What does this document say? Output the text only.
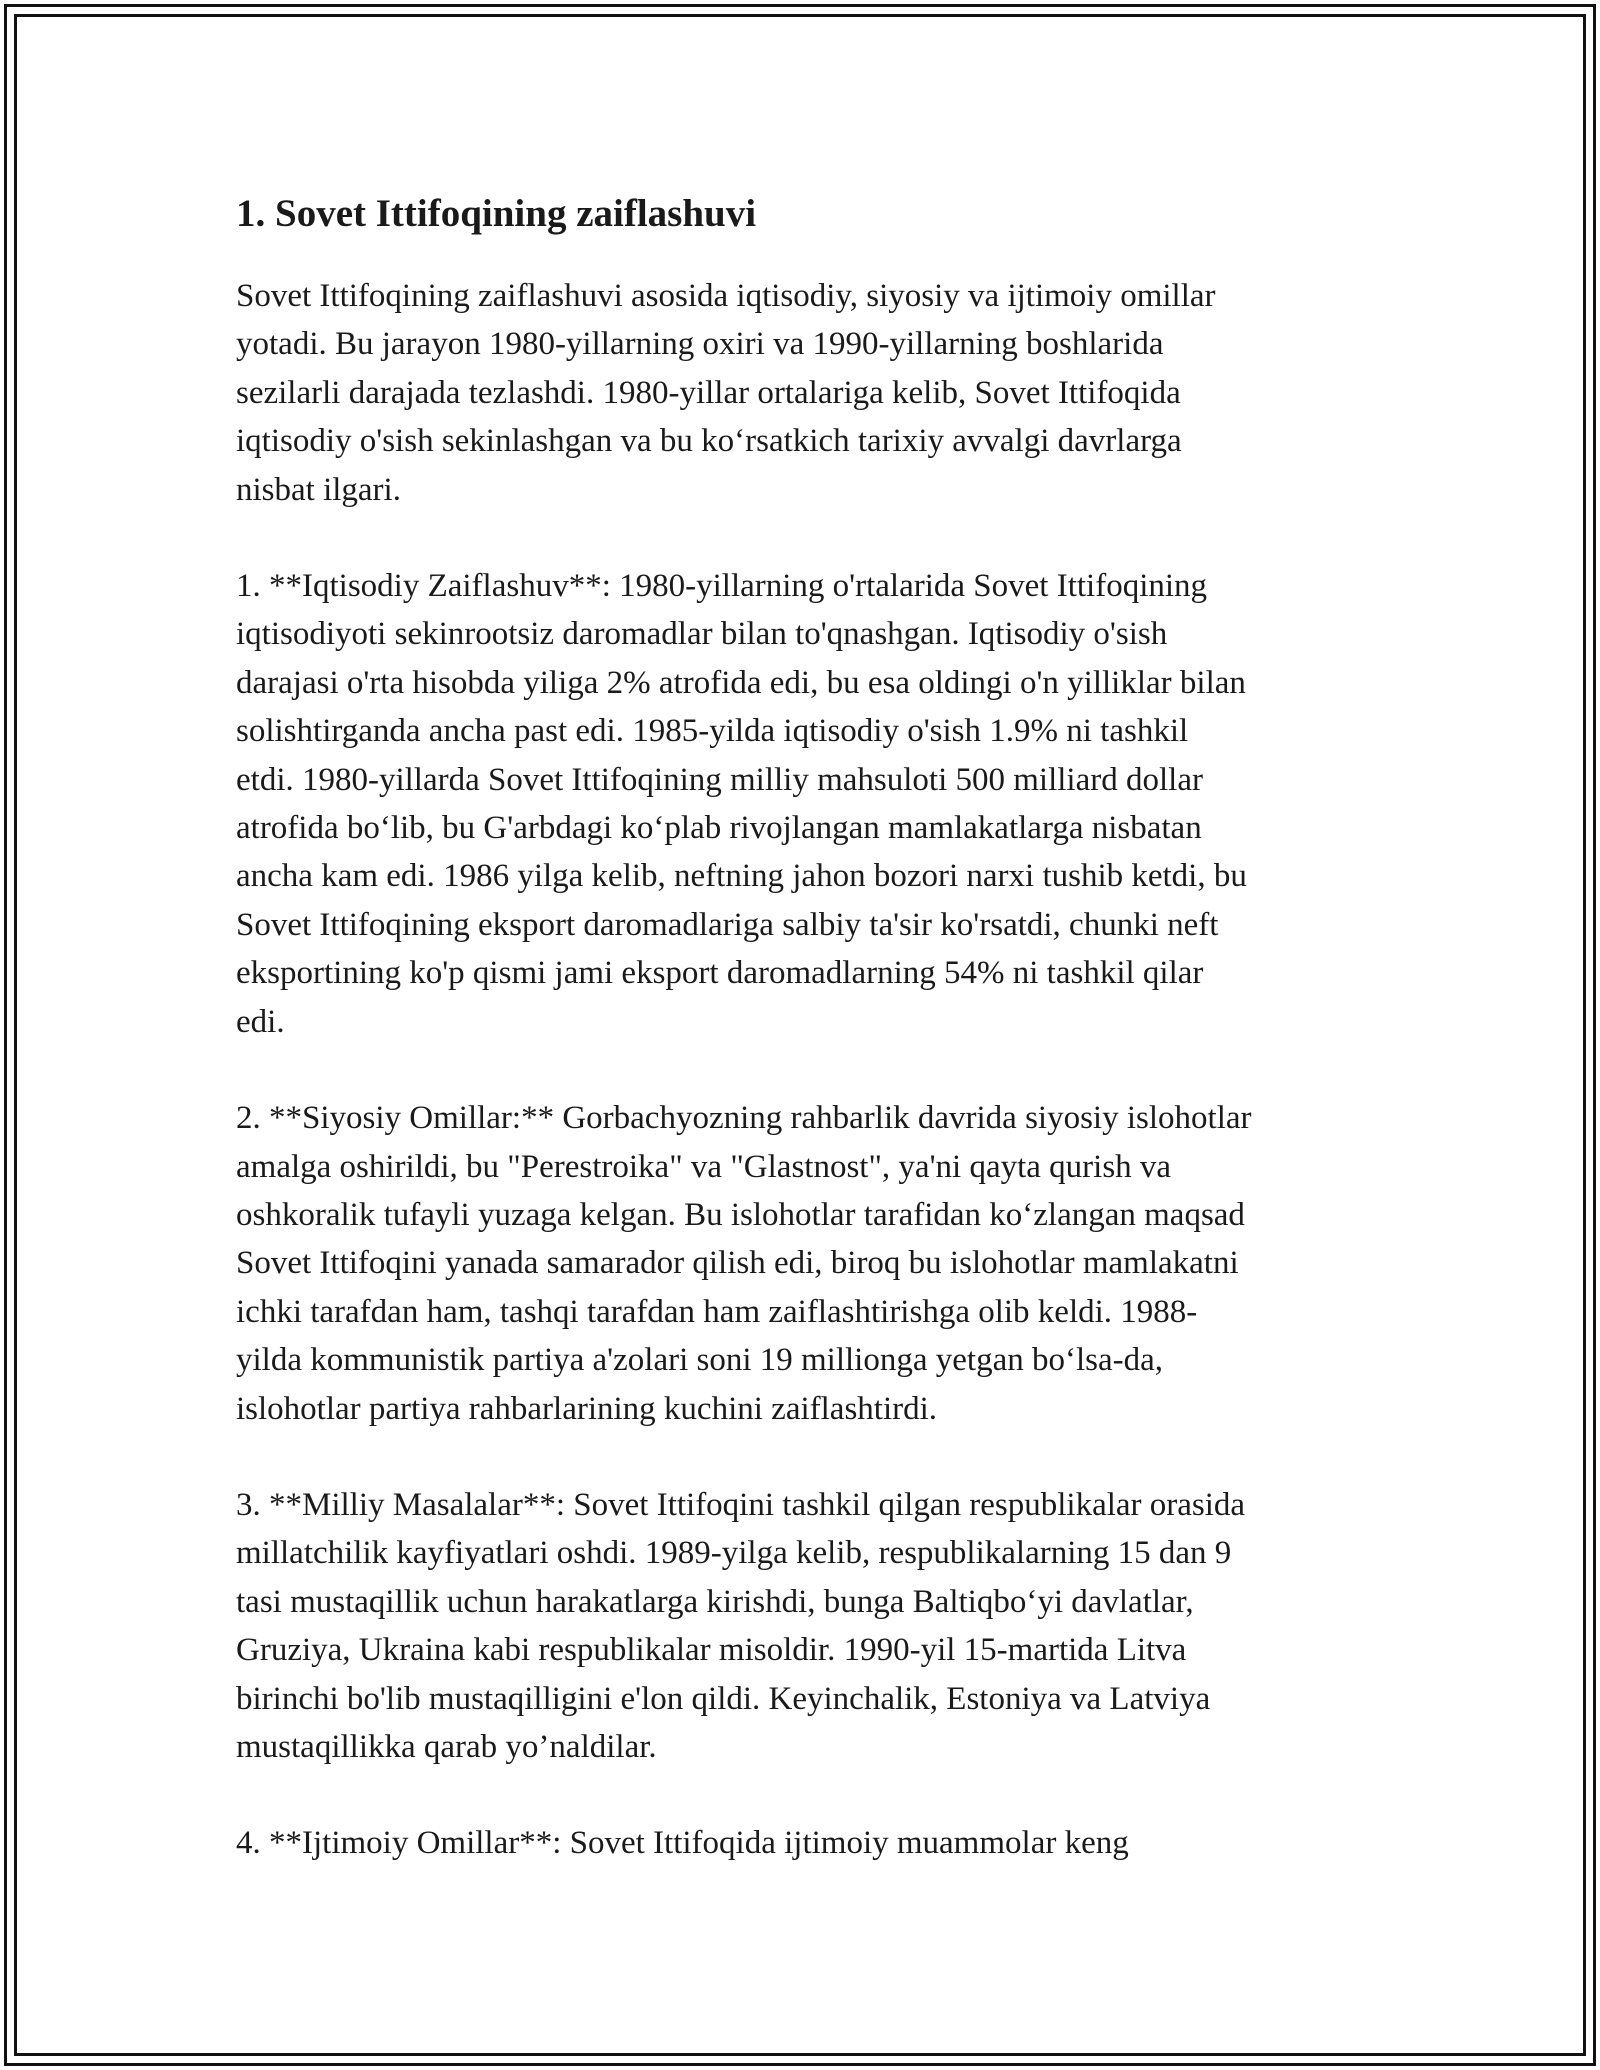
1. Sovet Ittifoqining zaiflashuvi

Sovet Ittifoqining zaiflashuvi asosida iqtisodiy, siyosiy va ijtimoiy omillar
yotadi. Bu jarayon 1980-yillarning oxiri va 1990-yillarning boshlarida
sezilarli darajada tezlashdi. 1980-yillar ortalariga kelib, Sovet Ittifoqida
iqtisodiy o'sish sekinlashgan va bu koʻrsatkich tarixiy avvalgi davrlarga
nisbat ilgari.

1. **Iqtisodiy Zaiflashuv**: 1980-yillarning o'rtalarida Sovet Ittifoqining
iqtisodiyoti sekinrootsiz daromadlar bilan to'qnashgan. Iqtisodiy o'sish
darajasi o'rta hisobda yiliga 2% atrofida edi, bu esa oldingi o'n yilliklar bilan
solishtirganda ancha past edi. 1985-yilda iqtisodiy o'sish 1.9% ni tashkil
etdi. 1980-yillarda Sovet Ittifoqining milliy mahsuloti 500 milliard dollar
atrofida boʻlib, bu G'arbdagi koʻplab rivojlangan mamlakatlarga nisbatan
ancha kam edi. 1986 yilga kelib, neftning jahon bozori narxi tushib ketdi, bu
Sovet Ittifoqining eksport daromadlariga salbiy ta'sir ko'rsatdi, chunki neft
eksportining ko'p qismi jami eksport daromadlarning 54% ni tashkil qilar
edi.

2. **Siyosiy Omillar:** Gorbachyozning rahbarlik davrida siyosiy islohotlar
amalga oshirildi, bu "Perestroika" va "Glastnost", ya'ni qayta qurish va
oshkoralik tufayli yuzaga kelgan. Bu islohotlar tarafidan koʻzlangan maqsad
Sovet Ittifoqini yanada samarador qilish edi, biroq bu islohotlar mamlakatni
ichki tarafdan ham, tashqi tarafdan ham zaiflashtirishga olib keldi. 1988-
yilda kommunistik partiya a'zolari soni 19 millionga yetgan boʻlsa-da,
islohotlar partiya rahbarlarining kuchini zaiflashtirdi.

3. **Milliy Masalalar**: Sovet Ittifoqini tashkil qilgan respublikalar orasida
millatchilik kayfiyatlari oshdi. 1989-yilga kelib, respublikalarning 15 dan 9
tasi mustaqillik uchun harakatlarga kirishdi, bunga Baltiqboʻyi davlatlar,
Gruziya, Ukraina kabi respublikalar misoldir. 1990-yil 15-martida Litva
birinchi bo'lib mustaqilligini e'lon qildi. Keyinchalik, Estoniya va Latviya
mustaqillikka qarab yo’naldilar.

4. **Ijtimoiy Omillar**: Sovet Ittifoqida ijtimoiy muammolar keng
